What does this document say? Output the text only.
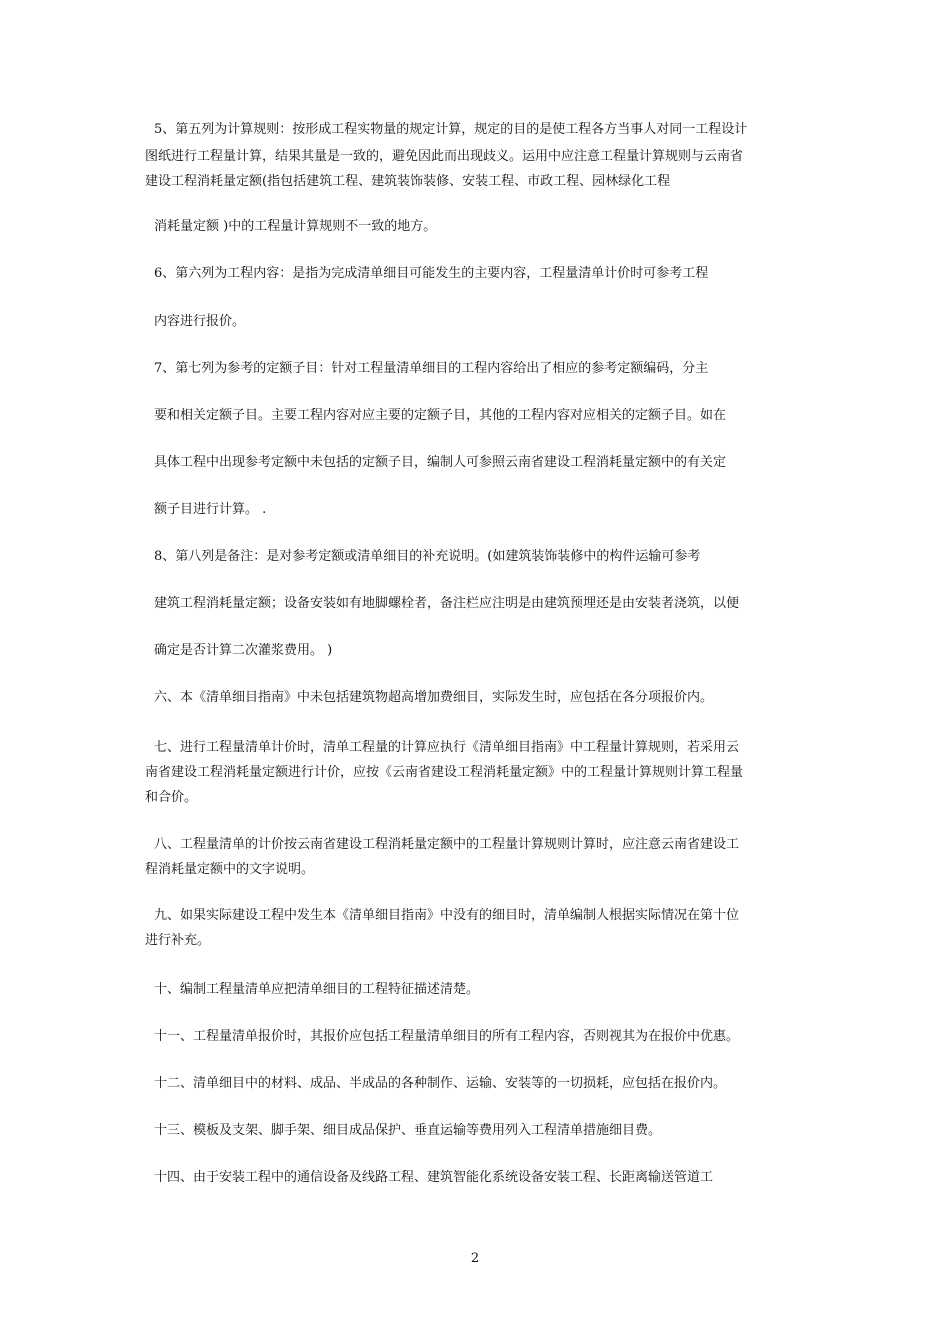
5、第五列为计算规则：按形成工程实物量的规定计算，规定的目的是使工程各方当事人对同一工程设计
图纸进行工程量计算，结果其量是一致的，避免因此而出现歧义。运用中应注意工程量计算规则与云南省
建设工程消耗量定额(指包括建筑工程、建筑装饰装修、安装工程、市政工程、园林绿化工程
消耗量定额 )中的工程量计算规则不一致的地方。
6、第六列为工程内容：是指为完成清单细目可能发生的主要内容，工程量清单计价时可参考工程
内容进行报价。
7、第七列为参考的定额子目：针对工程量清单细目的工程内容给出了相应的参考定额编码，分主
要和相关定额子目。主要工程内容对应主要的定额子目，其他的工程内容对应相关的定额子目。如在
具体工程中出现参考定额中未包括的定额子目，编制人可参照云南省建设工程消耗量定额中的有关定
额子目进行计算。 .
8、第八列是备注：是对参考定额或清单细目的补充说明。(如建筑装饰装修中的构件运输可参考
建筑工程消耗量定额；设备安装如有地脚螺栓者，备注栏应注明是由建筑预埋还是由安装者浇筑，以便
确定是否计算二次灌浆费用。 )
六、本《清单细目指南》中未包括建筑物超高增加费细目，实际发生时，应包括在各分项报价内。
七、进行工程量清单计价时，清单工程量的计算应执行《清单细目指南》中工程量计算规则，若采用云
南省建设工程消耗量定额进行计价，应按《云南省建设工程消耗量定额》中的工程量计算规则计算工程量
和合价。
八、工程量清单的计价按云南省建设工程消耗量定额中的工程量计算规则计算时，应注意云南省建设工
程消耗量定额中的文字说明。
九、如果实际建设工程中发生本《清单细目指南》中没有的细目时，清单编制人根据实际情况在第十位
进行补充。
十、编制工程量清单应把清单细目的工程特征描述清楚。
十一、工程量清单报价时，其报价应包括工程量清单细目的所有工程内容，否则视其为在报价中优惠。
十二、清单细目中的材料、成品、半成品的各种制作、运输、安装等的一切损耗，应包括在报价内。
十三、模板及支架、脚手架、细目成品保护、垂直运输等费用列入工程清单措施细目费。
十四、由于安装工程中的通信设备及线路工程、建筑智能化系统设备安装工程、长距离输送管道工
2
